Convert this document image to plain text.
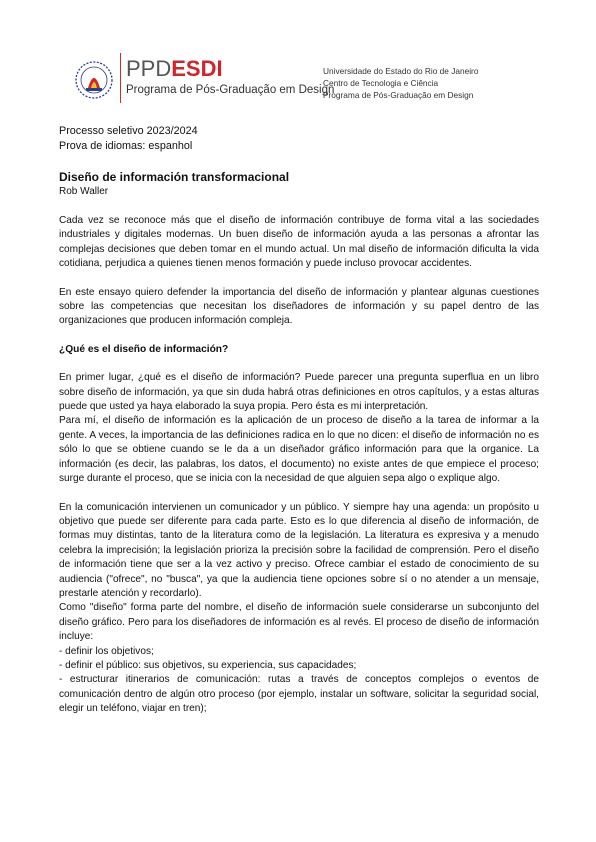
PPDESDI
Programa de Pós-Graduação em Design
Universidade do Estado do Rio de Janeiro
Centro de Tecnologia e Ciência
Programa de Pós-Graduação em Design
Processo seletivo 2023/2024
Prova de idiomas: espanhol
Diseño de información transformacional
Rob Waller

Cada vez se reconoce más que el diseño de información contribuye de forma vital a las sociedades industriales y digitales modernas. Un buen diseño de información ayuda a las personas a afrontar las complejas decisiones que deben tomar en el mundo actual. Un mal diseño de información dificulta la vida cotidiana, perjudica a quienes tienen menos formación y puede incluso provocar accidentes.

En este ensayo quiero defender la importancia del diseño de información y plantear algunas cuestiones sobre las competencias que necesitan los diseñadores de información y su papel dentro de las organizaciones que producen información compleja.

¿Qué es el diseño de información?

En primer lugar, ¿qué es el diseño de información? Puede parecer una pregunta superflua en un libro sobre diseño de información, ya que sin duda habrá otras definiciones en otros capítulos, y a estas alturas puede que usted ya haya elaborado la suya propia. Pero ésta es mi interpretación.

Para mí, el diseño de información es la aplicación de un proceso de diseño a la tarea de informar a la gente. A veces, la importancia de las definiciones radica en lo que no dicen: el diseño de información no es sólo lo que se obtiene cuando se le da a un diseñador gráfico información para que la organice. La información (es decir, las palabras, los datos, el documento) no existe antes de que empiece el proceso; surge durante el proceso, que se inicia con la necesidad de que alguien sepa algo o explique algo.

En la comunicación intervienen un comunicador y un público. Y siempre hay una agenda: un propósito u objetivo que puede ser diferente para cada parte. Esto es lo que diferencia al diseño de información, de formas muy distintas, tanto de la literatura como de la legislación. La literatura es expresiva y a menudo celebra la imprecisión; la legislación prioriza la precisión sobre la facilidad de comprensión. Pero el diseño de información tiene que ser a la vez activo y preciso. Ofrece cambiar el estado de conocimiento de su audiencia ("ofrece", no "busca", ya que la audiencia tiene opciones sobre sí o no atender a un mensaje, prestarle atención y recordarlo).

Como "diseño" forma parte del nombre, el diseño de información suele considerarse un subconjunto del diseño gráfico. Pero para los diseñadores de información es al revés. El proceso de diseño de información incluye:

- definir los objetivos;
- definir el público: sus objetivos, su experiencia, sus capacidades;

- estructurar itinerarios de comunicación: rutas a través de conceptos complejos o eventos de comunicación dentro de algún otro proceso (por ejemplo, instalar un software, solicitar la seguridad social, elegir un teléfono, viajar en tren);
